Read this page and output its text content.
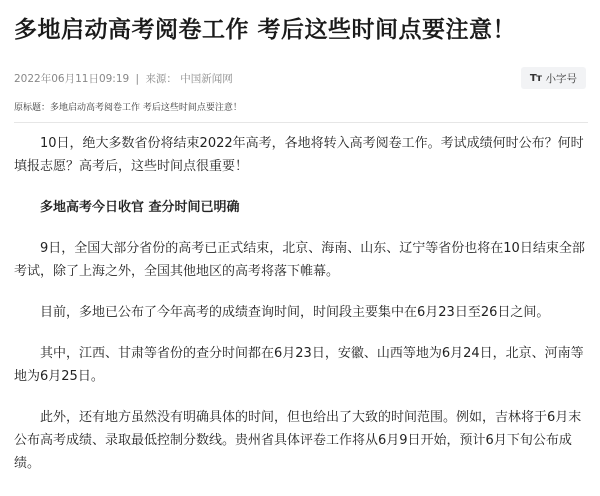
多地启动高考阅卷工作 考后这些时间点要注意！
2022年06月11日09:19 | 来源： 中国新闻网	Tт 小字号
原标题：多地启动高考阅卷工作 考后这些时间点要注意！

10日，绝大多数省份将结束2022年高考，各地将转入高考阅卷工作。考试成绩何时公布？何时填报志愿？高考后，这些时间点很重要！

多地高考今日收官 查分时间已明确

9日，全国大部分省份的高考已正式结束，北京、海南、山东、辽宁等省份也将在10日结束全部考试，除了上海之外，全国其他地区的高考将落下帷幕。

目前，多地已公布了今年高考的成绩查询时间，时间段主要集中在6月23日至26日之间。

其中，江西、甘肃等省份的查分时间都在6月23日，安徽、山西等地为6月24日，北京、河南等地为6月25日。

此外，还有地方虽然没有明确具体的时间，但也给出了大致的时间范围。例如，吉林将于6月末公布高考成绩、录取最低控制分数线。贵州省具体评卷工作将从6月9日开始，预计6月下旬公布成绩。
